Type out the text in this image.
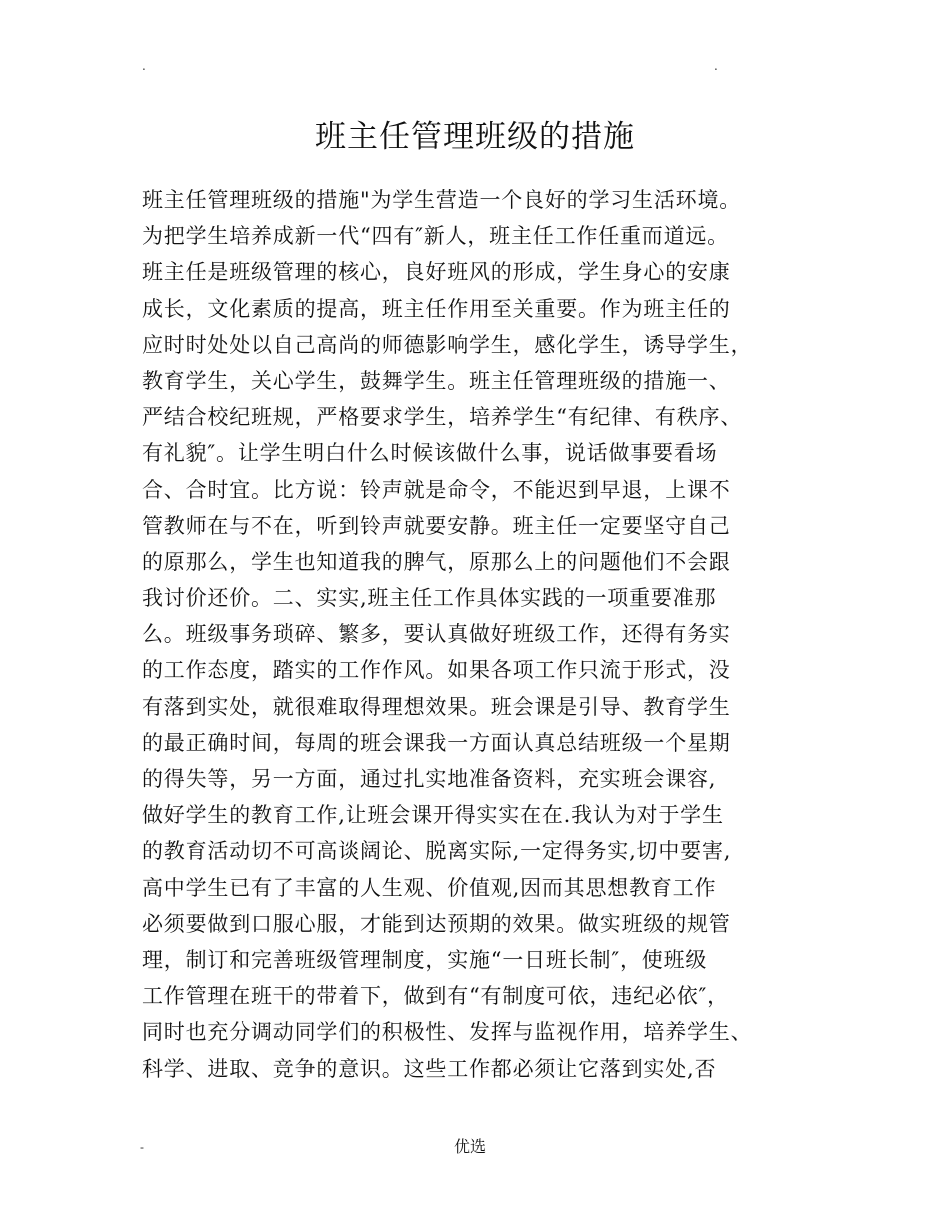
.	.
班主任管理班级的措施
班主任管理班级的措施"为学生营造一个良好的学习生活环境。
为把学生培养成新一代“四有″新人，班主任工作任重而道远。
班主任是班级管理的核心，良好班风的形成，学生身心的安康
成长，文化素质的提高，班主任作用至关重要。作为班主任的
应时时处处以自己高尚的师德影响学生，感化学生，诱导学生，
教育学生，关心学生，鼓舞学生。班主任管理班级的措施一、
严结合校纪班规，严格要求学生，培养学生“有纪律、有秩序、
有礼貌″。让学生明白什么时候该做什么事，说话做事要看场
合、合时宜。比方说：铃声就是命令，不能迟到早退，上课不
管教师在与不在，听到铃声就要安静。班主任一定要坚守自己
的原那么，学生也知道我的脾气，原那么上的问题他们不会跟
我讨价还价。二、实实,班主任工作具体实践的一项重要准那
么。班级事务琐碎、繁多，要认真做好班级工作，还得有务实
的工作态度，踏实的工作作风。如果各项工作只流于形式，没
有落到实处，就很难取得理想效果。班会课是引导、教育学生
的最正确时间，每周的班会课我一方面认真总结班级一个星期
的得失等，另一方面，通过扎实地准备资料，充实班会课容,
做好学生的教育工作,让班会课开得实实在在.我认为对于学生
的教育活动切不可高谈阔论、脱离实际,一定得务实,切中要害,
高中学生已有了丰富的人生观、价值观,因而其思想教育工作
必须要做到口服心服，才能到达预期的效果。做实班级的规管
理，制订和完善班级管理制度，实施“一日班长制″，使班级
工作管理在班干的带着下，做到有“有制度可依，违纪必依″，
同时也充分调动同学们的积极性、发挥与监视作用，培养学生、
科学、进取、竞争的意识。这些工作都必须让它落到实处,否
-	优选
